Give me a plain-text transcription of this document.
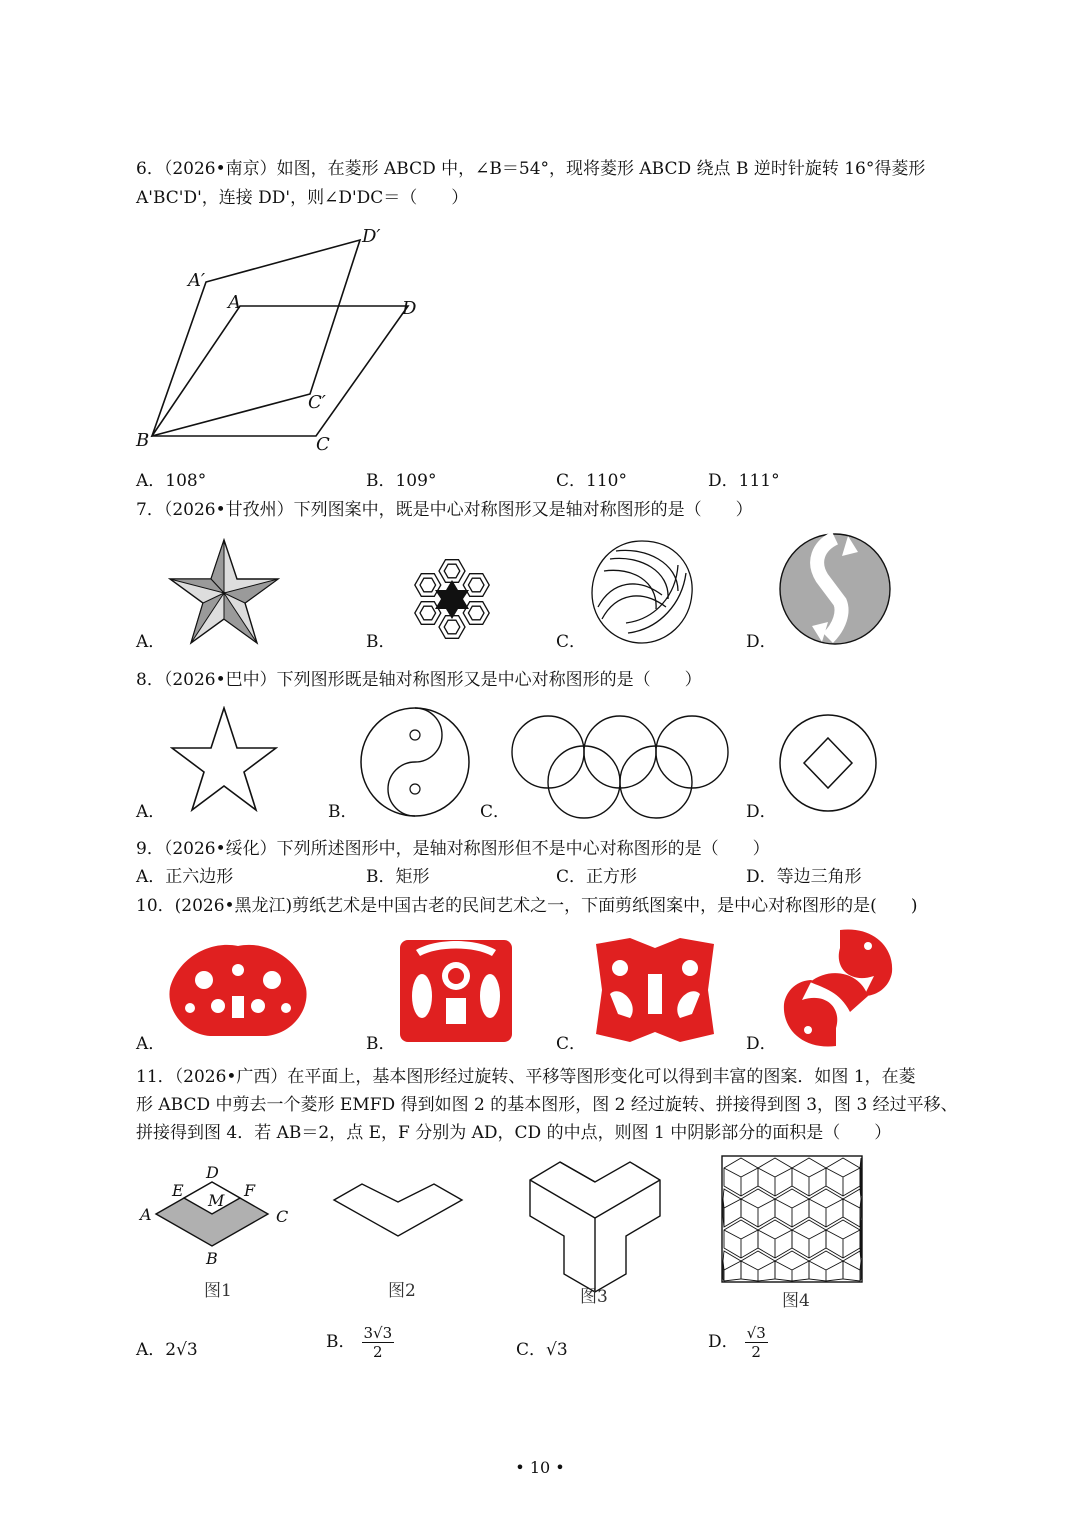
6．（2026•南京）如图，在菱形 ABCD 中，∠B＝54°，现将菱形 ABCD 绕点 B 逆时针旋转 16°得菱形
A'BC'D'，连接 DD'，则∠D'DC＝（　　）
A′
A	D
D′
C′
B	C
A．108°	B．109°	C．110°	D．111°
7．（2026•甘孜州）下列图案中，既是中心对称图形又是轴对称图形的是（　　）
A．	B．	C．	D．
8．（2026•巴中）下列图形既是轴对称图形又是中心对称图形的是（　　）
A．	B．	C．	D．
9．（2026•绥化）下列所述图形中，是轴对称图形但不是中心对称图形的是（　　）
A．正六边形	B．矩形	C．正方形	D．等边三角形
10．(2026•黑龙江)剪纸艺术是中国古老的民间艺术之一，下面剪纸图案中，是中心对称图形的是(　　)
A．	B．	C．	D．
11．（2026•广西）在平面上，基本图形经过旋转、平移等图形变化可以得到丰富的图案．如图 1，在菱
形 ABCD 中剪去一个菱形 EMFD 得到如图 2 的基本图形，图 2 经过旋转、拼接得到图 3，图 3 经过平移、
拼接得到图 4．若 AB＝2，点 E，F 分别为 AD，CD 的中点，则图 1 中阴影部分的面积是（　　）
D
E	F
M
A	C
B
图1	图2	图3	图4
A．2√3	B． $\frac{3√3}{2}$	C．√3	D． $\frac{√3}{2}$
• 10 •
